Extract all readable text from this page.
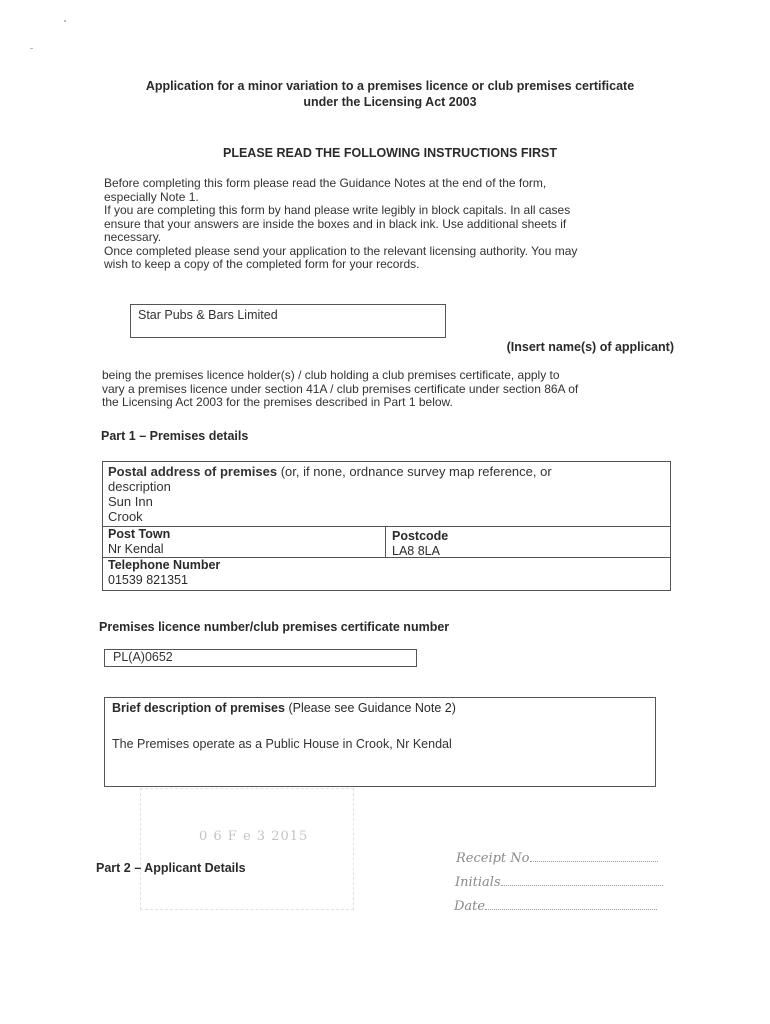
Application for a minor variation to a premises licence or club premises certificate
under the Licensing Act 2003
PLEASE READ THE FOLLOWING INSTRUCTIONS FIRST
Before completing this form please read the Guidance Notes at the end of the form,
especially Note 1.
If you are completing this form by hand please write legibly in block capitals. In all cases
ensure that your answers are inside the boxes and in black ink. Use additional sheets if
necessary.
Once completed please send your application to the relevant licensing authority. You may
wish to keep a copy of the completed form for your records.
Star Pubs & Bars Limited
(Insert name(s) of applicant)
being the premises licence holder(s) / club holding a club premises certificate, apply to
vary a premises licence under section 41A / club premises certificate under section 86A of
the Licensing Act 2003 for the premises described in Part 1 below.
Part 1 – Premises details
Postal address of premises (or, if none, ordnance survey map reference, or
description
Sun Inn
Crook
Post Town
Nr Kendal
Postcode
LA8 8LA
Telephone Number
01539 821351
Premises licence number/club premises certificate number
PL(A)0652
Brief description of premises (Please see Guidance Note 2)
The Premises operate as a Public House in Crook, Nr Kendal
0 6 F e 3 2015
Part 2 – Applicant Details
Receipt No
Initials
Date
